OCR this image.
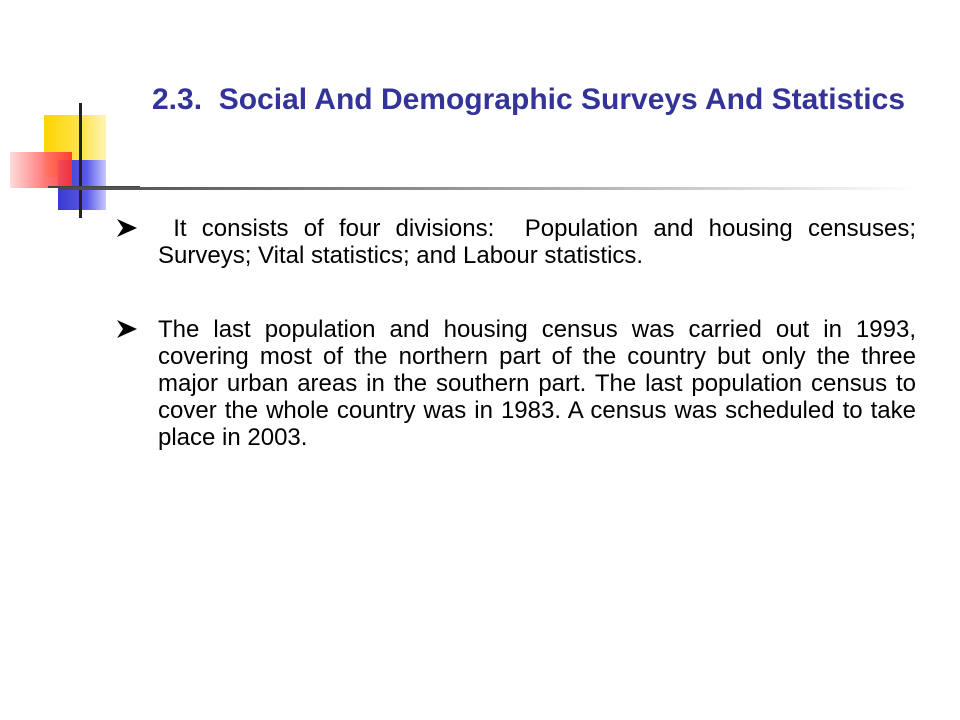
2.3.  Social And Demographic Surveys And Statistics
It consists of four divisions:  Population and housing censuses; Surveys; Vital statistics; and Labour statistics.
The last population and housing census was carried out in 1993, covering most of the northern part of the country but only the three major urban areas in the southern part. The last population census to cover the whole country was in 1983. A census was scheduled to take place in 2003.
